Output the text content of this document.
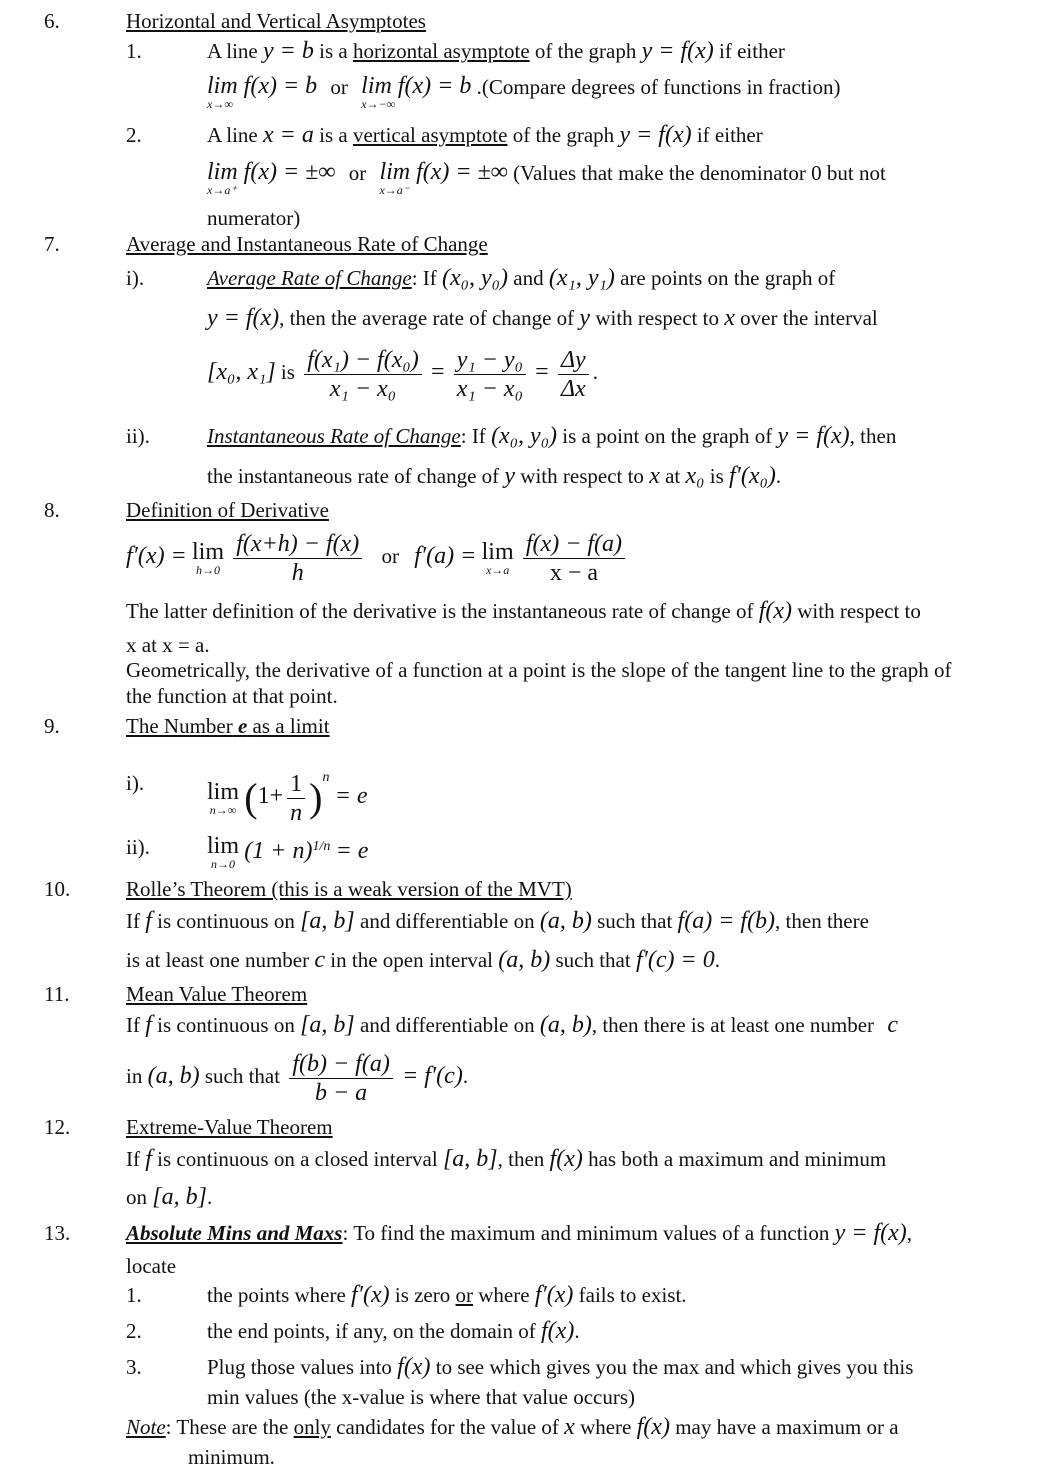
6.	Horizontal and Vertical Asymptotes
1.	A line y = b is a horizontal asymptote of the graph y = f(x) if either
lim f(x) = b
x→∞
or lim f(x) = b
x→−∞
.(Compare degrees of functions in fraction)
2.	A line x = a is a vertical asymptote of the graph y = f(x) if either
lim f(x) = ±∞
x→a⁺
or lim f(x) = ±∞
x→a⁻
(Values that make the denominator 0 but not
numerator)
7.	Average and Instantaneous Rate of Change
i).	Average Rate of Change: If (x₀, y₀) and (x₁, y₁) are points on the graph of
y = f(x), then the average rate of change of y with respect to x over the interval
[x₀, x₁] is $\frac{\text{f(x₁) − f(x₀)}}{\text{x₁ − x₀}} = \frac{\text{y₁ − y₀}}{\text{x₁ − x₀}} = \frac{\Delta y}{\Delta x}$ .
ii).	Instantaneous Rate of Change: If (x₀, y₀) is a point on the graph of y = f(x), then
the instantaneous rate of change of y with respect to x at x₀ is f′(x₀).
8.	Definition of Derivative
f′(x) = lim
h→0
$\frac{f(x+h) - f(x)}{h}$ or f′(a) = lim
x→a
$\frac{f(x) - f(a)}{x - a}$
The latter definition of the derivative is the instantaneous rate of change of f(x) with respect to
x at x = a.
Geometrically, the derivative of a function at a point is the slope of the tangent line to the graph of
the function at that point.
9.	The Number e as a limit
i).	lim
n→∞ $(1+ \frac{1}{n} )^n = e$
ii). lim
n→0 $(1 + n)^{1/n} = e$
10.	Rolle’s Theorem (this is a weak version of the MVT)
If f is continuous on [a, b] and differentiable on (a, b) such that f(a) = f(b), then there
is at least one number c in the open interval (a, b) such that f′(c) = 0.
11.	Mean Value Theorem
If f is continuous on [a, b] and differentiable on (a, b), then there is at least one number c
in (a, b) such that $\frac{f(b) - f(a)}{b - a} = f'(c)$.
12.	Extreme-Value Theorem
If f is continuous on a closed interval [a, b], then f(x) has both a maximum and minimum
on [a, b].
13.	Absolute Mins and Maxs: To find the maximum and minimum values of a function y = f(x),
locate
1.	the points where f′(x) is zero or where f′(x) fails to exist.
2.	the end points, if any, on the domain of f(x).
3.	Plug those values into f(x) to see which gives you the max and which gives you this
min values (the x-value is where that value occurs)
Note: These are the only candidates for the value of x where f(x) may have a maximum or a
minimum.
